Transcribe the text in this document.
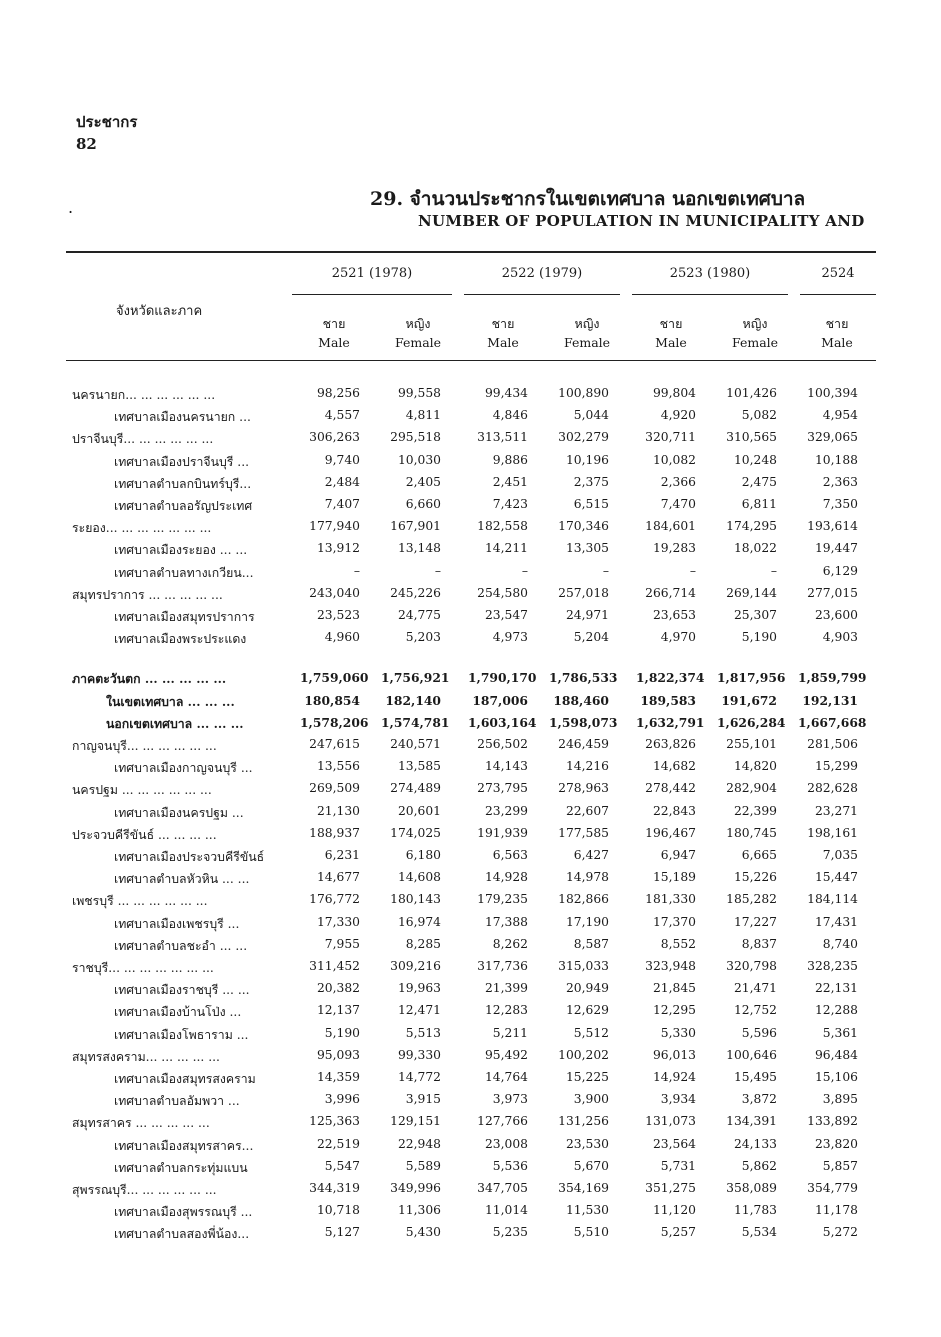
ประชากร
82
.	29. จำนวนประชากรในเขตเทศบาล นอกเขตเทศบาล
NUMBER OF POPULATION IN MUNICIPALITY AND
จังหวัดและภาค
2521 (1978)	2522 (1979)	2523 (1980)	2524
ชาย
Male
หญิง
Female
ชาย
Male
หญิง
Female
ชาย
Male
หญิง
Female
ชาย
Male
นครนายก... ... ... ... ... ...	98,256	99,558	99,434	100,890	99,804	101,426	100,394
เทศบาลเมืองนครนายก ...	4,557	4,811	4,846	5,044	4,920	5,082	4,954
ปราจีนบุรี... ... ... ... ... ...	306,263	295,518	313,511	302,279	320,711	310,565	329,065
เทศบาลเมืองปราจีนบุรี ...	9,740	10,030	9,886	10,196	10,082	10,248	10,188
เทศบาลตำบลกบินทร์บุรี...	2,484	2,405	2,451	2,375	2,366	2,475	2,363
เทศบาลตำบลอรัญประเทศ	7,407	6,660	7,423	6,515	7,470	6,811	7,350
ระยอง... ... ... ... ... ... ...	177,940	167,901	182,558	170,346	184,601	174,295	193,614
เทศบาลเมืองระยอง ... ...	13,912	13,148	14,211	13,305	19,283	18,022	19,447
เทศบาลตำบลทางเกวียน...	–	–	–	–	–	–	6,129
สมุทรปราการ ... ... ... ... ...	243,040	245,226	254,580	257,018	266,714	269,144	277,015
เทศบาลเมืองสมุทรปราการ	23,523	24,775	23,547	24,971	23,653	25,307	23,600
เทศบาลเมืองพระประแดง	4,960	5,203	4,973	5,204	4,970	5,190	4,903
ภาคตะวันตก ... ... ... ... ...	1,759,060 1,756,921 1,790,170 1,786,533 1,822,374 1,817,956 1,859,799
ในเขตเทศบาล ... ... ...	180,854	182,140	187,006	188,460	189,583	191,672	192,131
นอกเขตเทศบาล ... ... ...	1,578,206 1,574,781 1,603,164 1,598,073 1,632,791 1,626,284 1,667,668
กาญจนบุรี... ... ... ... ... ...	247,615	240,571	256,502	246,459	263,826	255,101	281,506
เทศบาลเมืองกาญจนบุรี ...	13,556	13,585	14,143	14,216	14,682	14,820	15,299
นครปฐม ... ... ... ... ... ...	269,509	274,489	273,795	278,963	278,442	282,904	282,628
เทศบาลเมืองนครปฐม ...	21,130	20,601	23,299	22,607	22,843	22,399	23,271
ประจวบคีรีขันธ์ ... ... ... ...	188,937	174,025	191,939	177,585	196,467	180,745	198,161
เทศบาลเมืองประจวบคีรีขันธ์	6,231	6,180	6,563	6,427	6,947	6,665	7,035
เทศบาลตำบลหัวหิน ... ...	14,677	14,608	14,928	14,978	15,189	15,226	15,447
เพชรบุรี ... ... ... ... ... ...	176,772	180,143	179,235	182,866	181,330	185,282	184,114
เทศบาลเมืองเพชรบุรี ...	17,330	16,974	17,388	17,190	17,370	17,227	17,431
เทศบาลตำบลชะอำ ... ...	7,955	8,285	8,262	8,587	8,552	8,837	8,740
ราชบุรี... ... ... ... ... ... ...	311,452	309,216	317,736	315,033	323,948	320,798	328,235
เทศบาลเมืองราชบุรี ... ...	20,382	19,963	21,399	20,949	21,845	21,471	22,131
เทศบาลเมืองบ้านโป่ง ...	12,137	12,471	12,283	12,629	12,295	12,752	12,288
เทศบาลเมืองโพธาราม ...	5,190	5,513	5,211	5,512	5,330	5,596	5,361
สมุทรสงคราม... ... ... ... ...	95,093	99,330	95,492	100,202	96,013	100,646	96,484
เทศบาลเมืองสมุทรสงคราม	14,359	14,772	14,764	15,225	14,924	15,495	15,106
เทศบาลตำบลอัมพวา ...	3,996	3,915	3,973	3,900	3,934	3,872	3,895
สมุทรสาคร ... ... ... ... ...	125,363	129,151	127,766	131,256	131,073	134,391	133,892
เทศบาลเมืองสมุทรสาคร...	22,519	22,948	23,008	23,530	23,564	24,133	23,820
เทศบาลตำบลกระทุ่มแบน	5,547	5,589	5,536	5,670	5,731	5,862	5,857
สุพรรณบุรี... ... ... ... ... ...	344,319	349,996	347,705	354,169	351,275	358,089	354,779
เทศบาลเมืองสุพรรณบุรี ...	10,718	11,306	11,014	11,530	11,120	11,783	11,178
เทศบาลตำบลสองพี่น้อง...	5,127	5,430	5,235	5,510	5,257	5,534	5,272
